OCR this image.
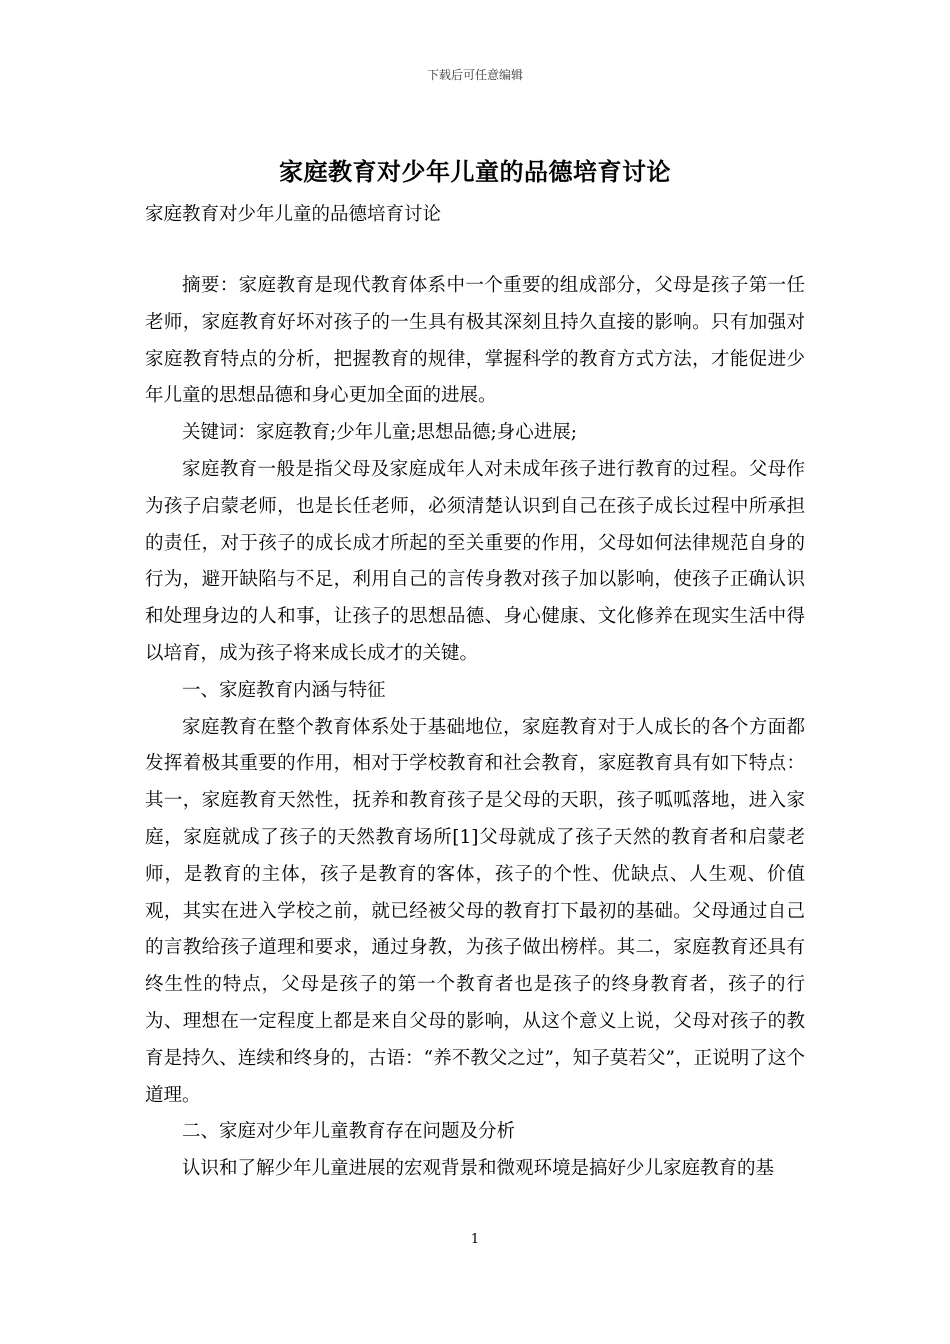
下载后可任意编辑
家庭教育对少年儿童的品德培育讨论
家庭教育对少年儿童的品德培育讨论

摘要：家庭教育是现代教育体系中一个重要的组成部分，父母是孩子第一任老师，家庭教育好坏对孩子的一生具有极其深刻且持久直接的影响。只有加强对家庭教育特点的分析，把握教育的规律，掌握科学的教育方式方法，才能促进少年儿童的思想品德和身心更加全面的进展。

关键词：家庭教育;少年儿童;思想品德;身心进展;

家庭教育一般是指父母及家庭成年人对未成年孩子进行教育的过程。父母作为孩子启蒙老师，也是长任老师，必须清楚认识到自己在孩子成长过程中所承担的责任，对于孩子的成长成才所起的至关重要的作用，父母如何法律规范自身的行为，避开缺陷与不足，利用自己的言传身教对孩子加以影响，使孩子正确认识和处理身边的人和事，让孩子的思想品德、身心健康、文化修养在现实生活中得以培育，成为孩子将来成长成才的关键。

一、家庭教育内涵与特征

家庭教育在整个教育体系处于基础地位，家庭教育对于人成长的各个方面都发挥着极其重要的作用，相对于学校教育和社会教育，家庭教育具有如下特点：其一，家庭教育天然性，抚养和教育孩子是父母的天职，孩子呱呱落地，进入家庭，家庭就成了孩子的天然教育场所[1]父母就成了孩子天然的教育者和启蒙老师，是教育的主体，孩子是教育的客体，孩子的个性、优缺点、人生观、价值观，其实在进入学校之前，就已经被父母的教育打下最初的基础。父母通过自己的言教给孩子道理和要求，通过身教，为孩子做出榜样。其二，家庭教育还具有终生性的特点，父母是孩子的第一个教育者也是孩子的终身教育者，孩子的行为、理想在一定程度上都是来自父母的影响，从这个意义上说，父母对孩子的教育是持久、连续和终身的，古语：“养不教父之过”，知子莫若父”，正说明了这个道理。

二、家庭对少年儿童教育存在问题及分析

认识和了解少年儿童进展的宏观背景和微观环境是搞好少儿家庭教育的基

1
